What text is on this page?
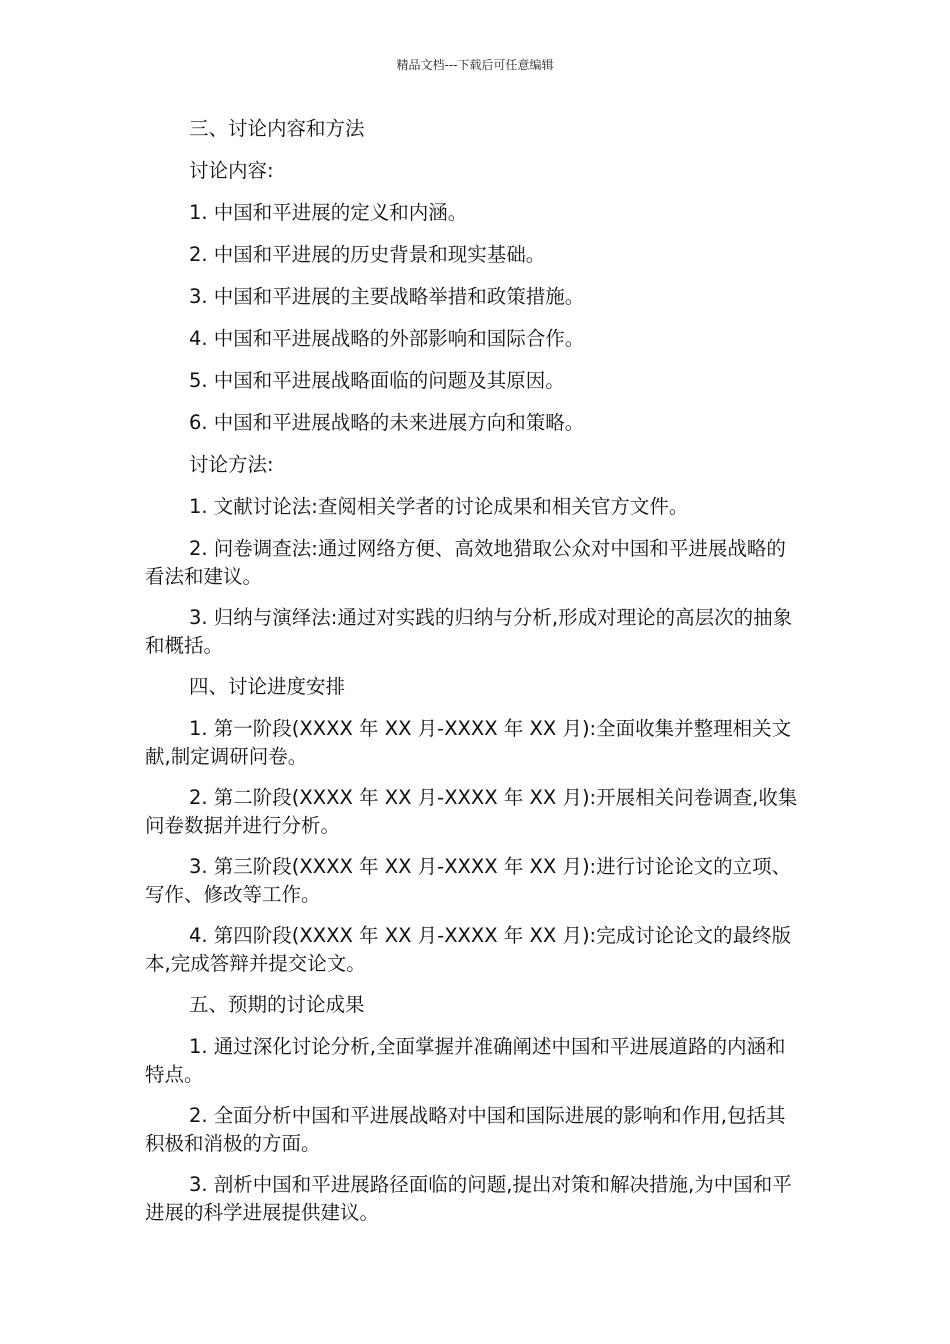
精品文档---下载后可任意编辑

三、讨论内容和方法

讨论内容:

1. 中国和平进展的定义和内涵。

2. 中国和平进展的历史背景和现实基础。

3. 中国和平进展的主要战略举措和政策措施。

4. 中国和平进展战略的外部影响和国际合作。

5. 中国和平进展战略面临的问题及其原因。

6. 中国和平进展战略的未来进展方向和策略。

讨论方法:

1. 文献讨论法:查阅相关学者的讨论成果和相关官方文件。

2. 问卷调查法:通过网络方便、高效地猎取公众对中国和平进展战略的看法和建议。

3. 归纳与演绎法:通过对实践的归纳与分析,形成对理论的高层次的抽象和概括。

四、讨论进度安排

1. 第一阶段(XXXX 年 XX 月-XXXX 年 XX 月):全面收集并整理相关文献,制定调研问卷。

2. 第二阶段(XXXX 年 XX 月-XXXX 年 XX 月):开展相关问卷调查,收集问卷数据并进行分析。

3. 第三阶段(XXXX 年 XX 月-XXXX 年 XX 月):进行讨论论文的立项、写作、修改等工作。

4. 第四阶段(XXXX 年 XX 月-XXXX 年 XX 月):完成讨论论文的最终版本,完成答辩并提交论文。

五、预期的讨论成果

1. 通过深化讨论分析,全面掌握并准确阐述中国和平进展道路的内涵和特点。

2. 全面分析中国和平进展战略对中国和国际进展的影响和作用,包括其积极和消极的方面。

3. 剖析中国和平进展路径面临的问题,提出对策和解决措施,为中国和平进展的科学进展提供建议。
